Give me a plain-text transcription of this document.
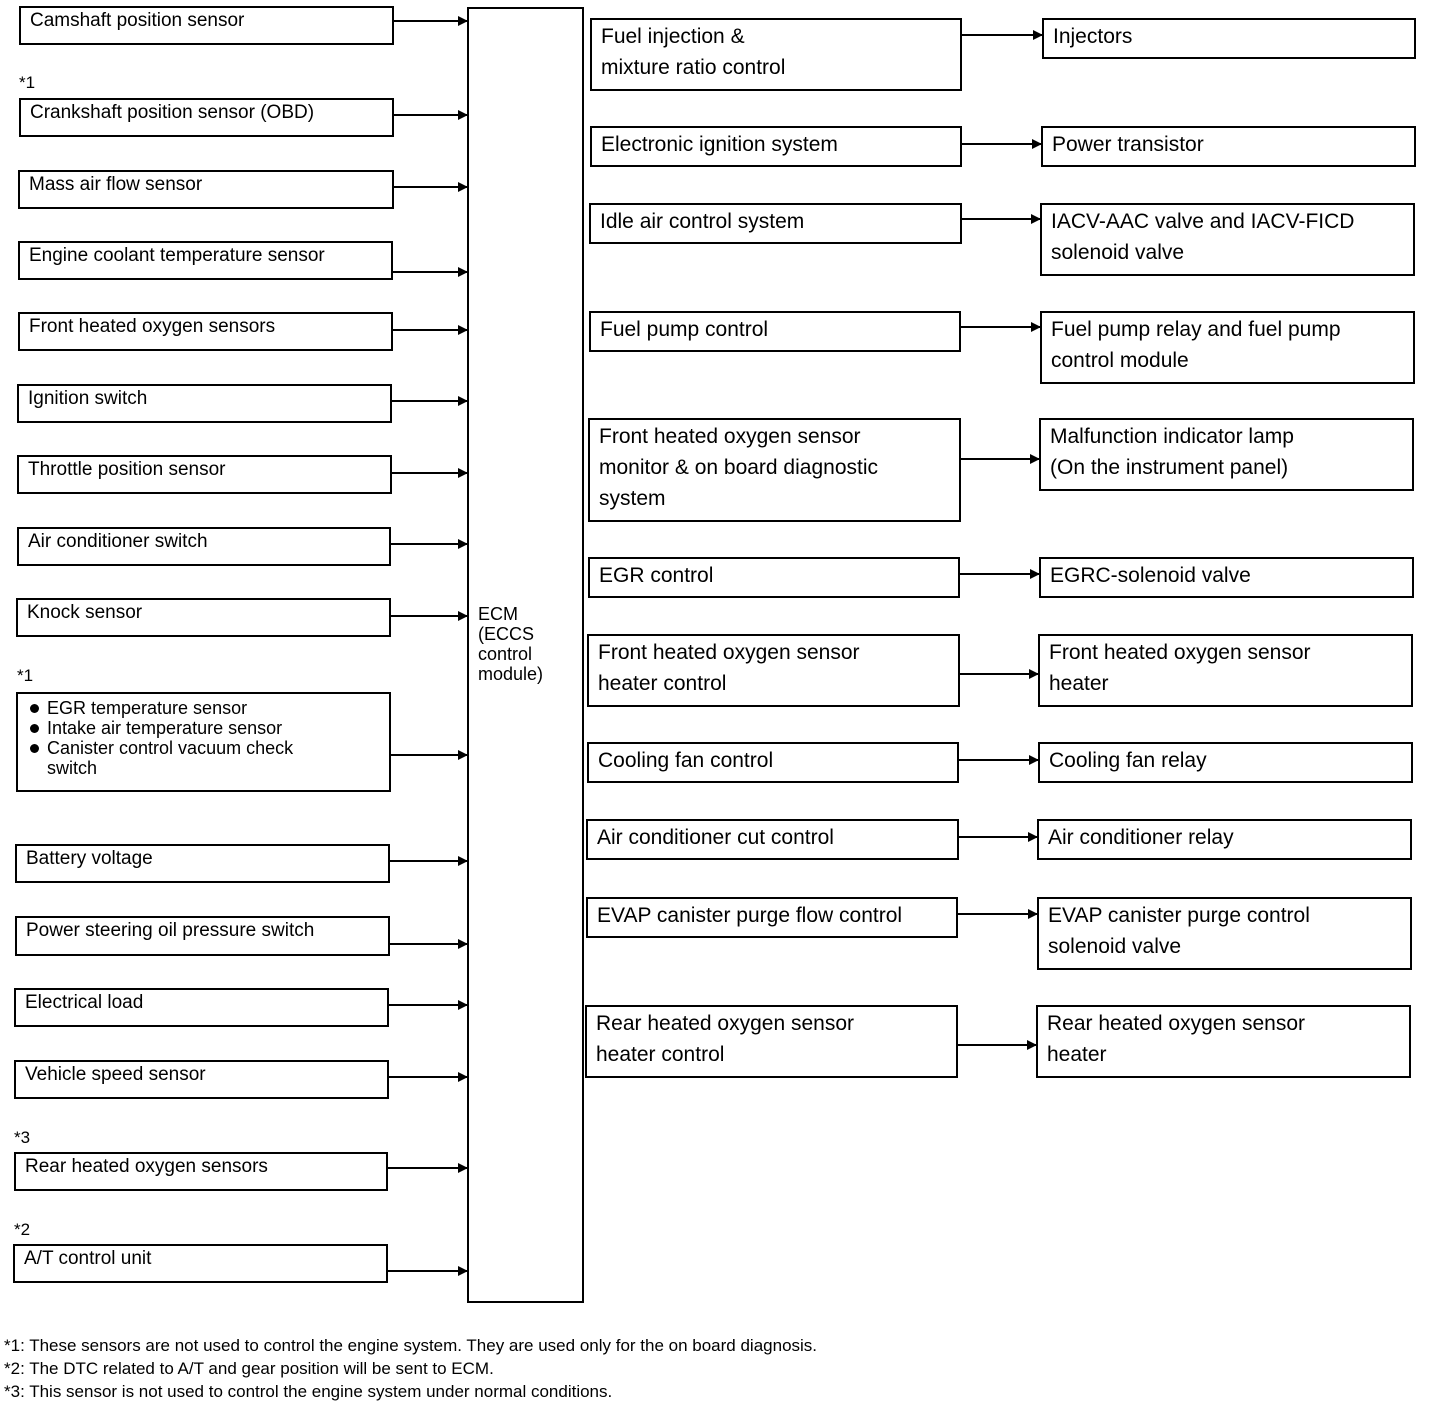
Camshaft position sensor
*1
Crankshaft position sensor (OBD)
Mass air flow sensor
Engine coolant temperature sensor
Front heated oxygen sensors
Ignition switch
Throttle position sensor
Air conditioner switch
Knock sensor
*1
EGR temperature sensor
Intake air temperature sensor
Canister control vacuum check switch
Battery voltage
Power steering oil pressure switch
Electrical load
Vehicle speed sensor
*3
Rear heated oxygen sensors
*2
A/T control unit
ECM
(ECCS
control
module)
Fuel injection &
mixture ratio control
Electronic ignition system
Idle air control system
Fuel pump control
Front heated oxygen sensor
monitor & on board diagnostic
system
EGR control
Front heated oxygen sensor
heater control
Cooling fan control
Air conditioner cut control
EVAP canister purge flow control
Rear heated oxygen sensor
heater control
Injectors
Power transistor
IACV-AAC valve and IACV-FICD
solenoid valve
Fuel pump relay and fuel pump
control module
Malfunction indicator lamp
(On the instrument panel)
EGRC-solenoid valve
Front heated oxygen sensor
heater
Cooling fan relay
Air conditioner relay
EVAP canister purge control
solenoid valve
Rear heated oxygen sensor
heater
*1: These sensors are not used to control the engine system. They are used only for the on board diagnosis.
*2: The DTC related to A/T and gear position will be sent to ECM.
*3: This sensor is not used to control the engine system under normal conditions.
